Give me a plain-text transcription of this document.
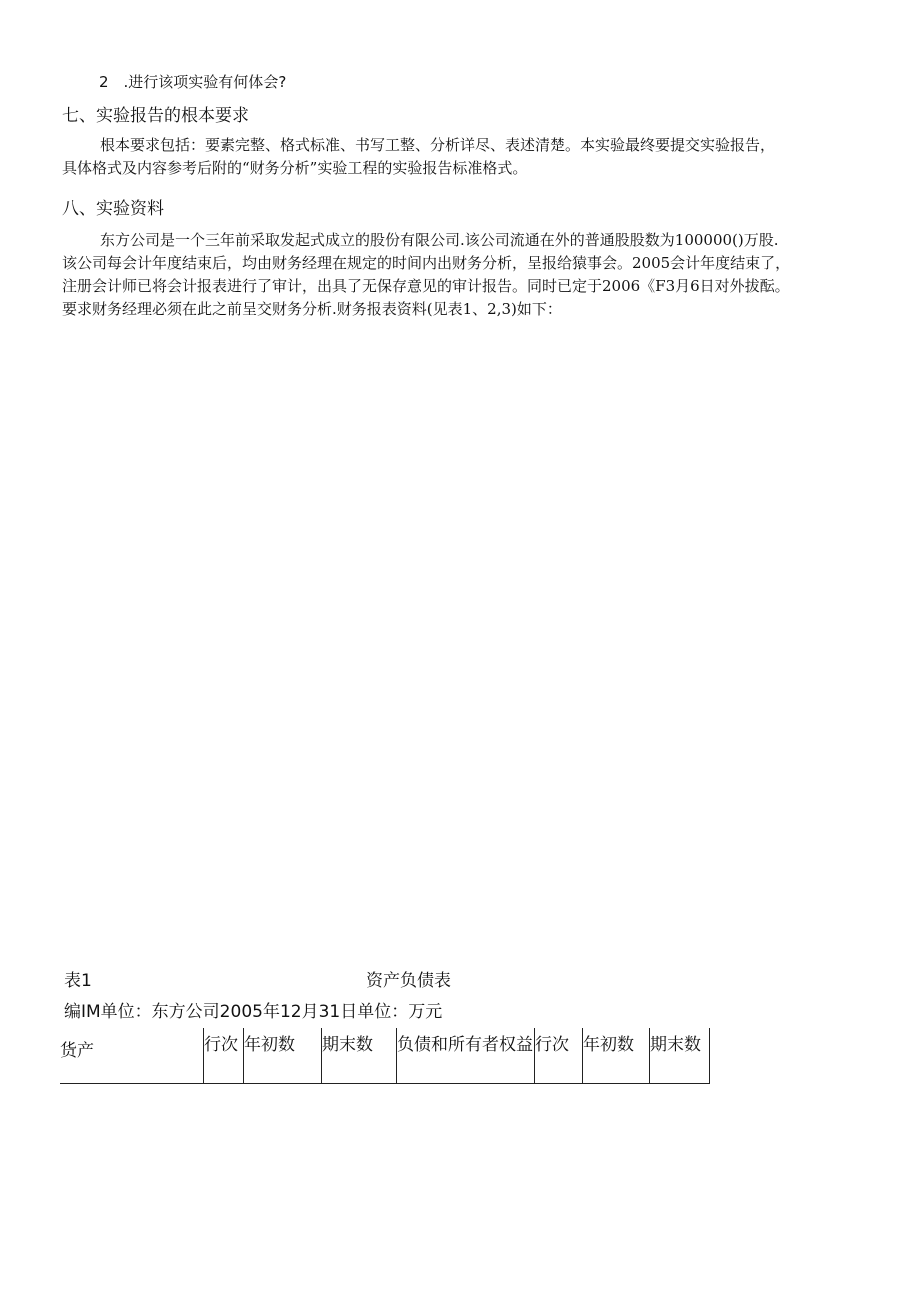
2　.进行该项实验有何体会?
七、实验报告的根本要求
根本要求包括：要素完整、格式标准、书写工整、分析详尽、表述清楚。本实验最终要提交实验报告，
具体格式及内容参考后附的“财务分析”实验工程的实验报告标准格式。
八、实验资料
东方公司是一个三年前采取发起式成立的股份有限公司.该公司流通在外的普通股股数为100000()万股.
该公司每会计年度结束后，均由财务经理在规定的时间内出财务分析，呈报给猿事会。2005会计年度结束了，
注册会计师已将会计报表进行了审计，出具了无保存意见的审计报告。同时已定于2006《F3月6日对外拔酝。
要求财务经理必须在此之前呈交财务分析.财务报表资料(见表1、2,3)如下：
表1	资产负债表
编IM单位：东方公司2005年12月31日单位：万元
货产	行次 年初数	期末数	负债和所有者权益 行次 年初数 期末数
